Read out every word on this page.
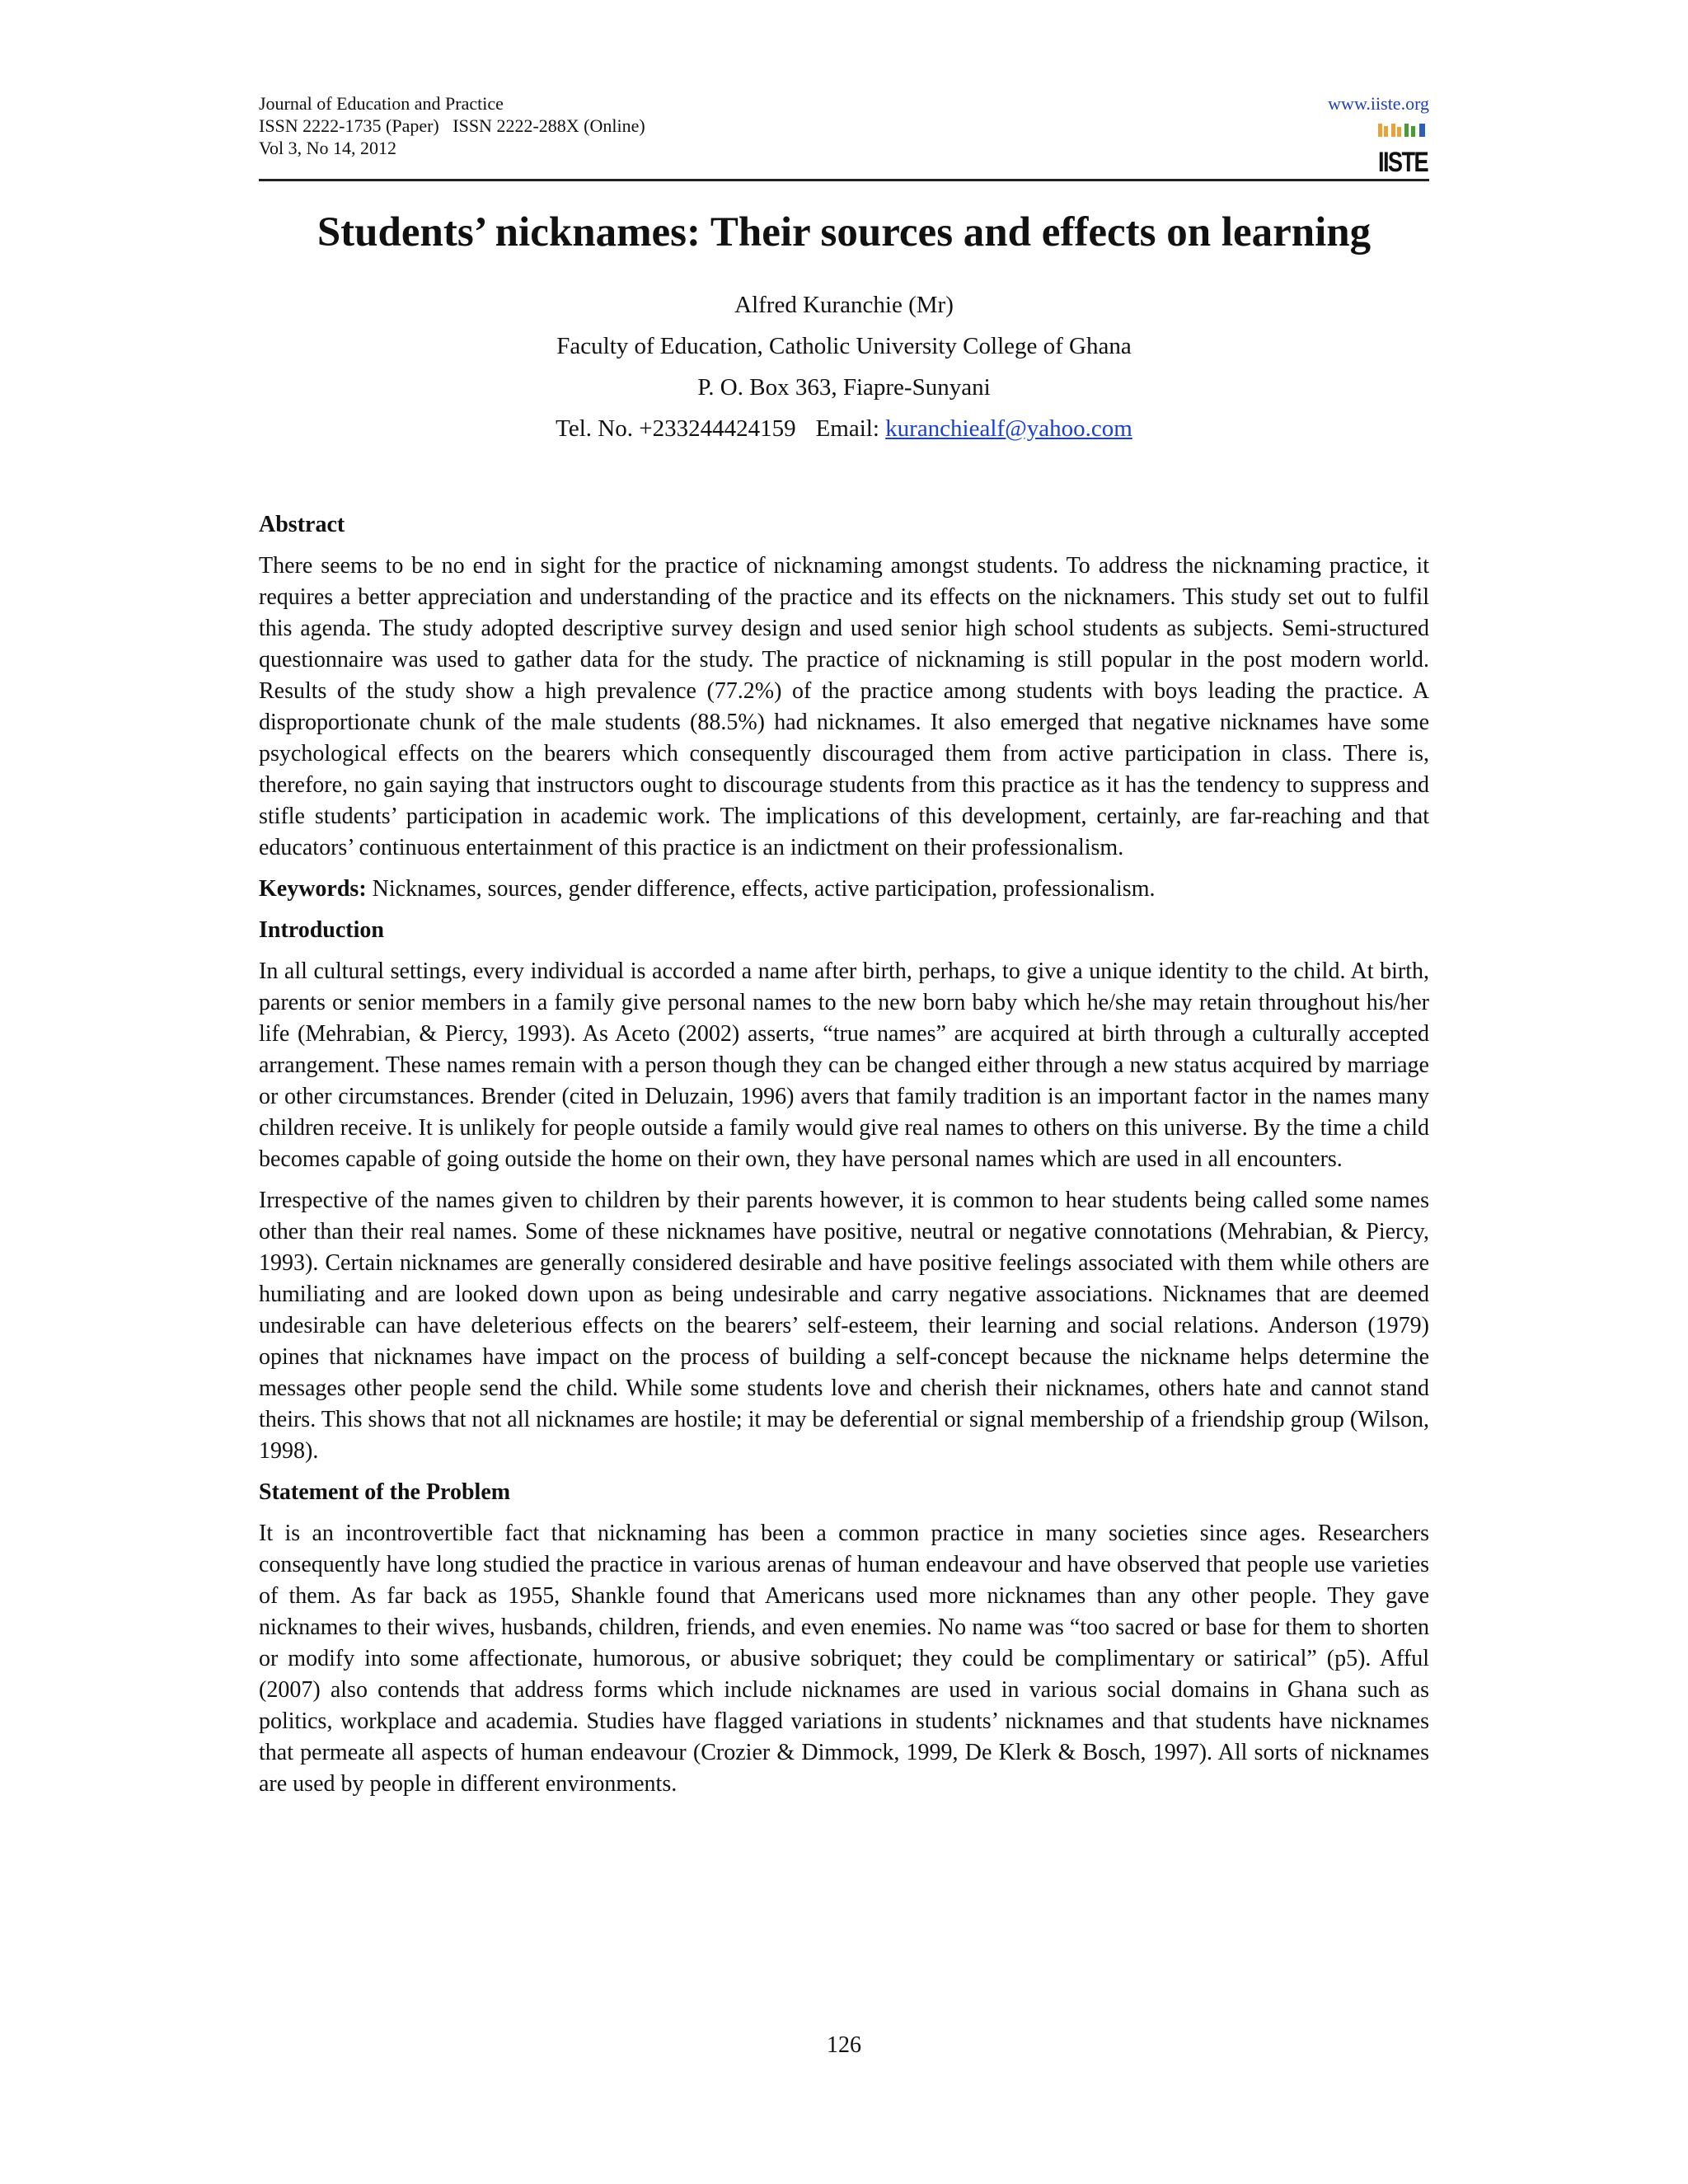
Journal of Education and Practice
ISSN 2222-1735 (Paper)   ISSN 2222-288X (Online)
Vol 3, No 14, 2012
www.iiste.org
IISTE
Students’ nicknames: Their sources and effects on learning
Alfred Kuranchie (Mr)
Faculty of Education, Catholic University College of Ghana
P. O. Box 363, Fiapre-Sunyani
Tel. No. +233244424159 Email: kuranchiealf@yahoo.com
Abstract

There seems to be no end in sight for the practice of nicknaming amongst students. To address the nicknaming practice, it requires a better appreciation and understanding of the practice and its effects on the nicknamers. This study set out to fulfil this agenda. The study adopted descriptive survey design and used senior high school students as subjects. Semi-structured questionnaire was used to gather data for the study. The practice of nicknaming is still popular in the post modern world. Results of the study show a high prevalence (77.2%) of the practice among students with boys leading the practice. A disproportionate chunk of the male students (88.5%) had nicknames. It also emerged that negative nicknames have some psychological effects on the bearers which consequently discouraged them from active participation in class. There is, therefore, no gain saying that instructors ought to discourage students from this practice as it has the tendency to suppress and stifle students’ participation in academic work. The implications of this development, certainly, are far-reaching and that educators’ continuous entertainment of this practice is an indictment on their professionalism.

Keywords: Nicknames, sources, gender difference, effects, active participation, professionalism.

Introduction

In all cultural settings, every individual is accorded a name after birth, perhaps, to give a unique identity to the child. At birth, parents or senior members in a family give personal names to the new born baby which he/she may retain throughout his/her life (Mehrabian, & Piercy, 1993). As Aceto (2002) asserts, “true names” are acquired at birth through a culturally accepted arrangement. These names remain with a person though they can be changed either through a new status acquired by marriage or other circumstances. Brender (cited in Deluzain, 1996) avers that family tradition is an important factor in the names many children receive. It is unlikely for people outside a family would give real names to others on this universe. By the time a child becomes capable of going outside the home on their own, they have personal names which are used in all encounters.

Irrespective of the names given to children by their parents however, it is common to hear students being called some names other than their real names. Some of these nicknames have positive, neutral or negative connotations (Mehrabian, & Piercy, 1993). Certain nicknames are generally considered desirable and have positive feelings associated with them while others are humiliating and are looked down upon as being undesirable and carry negative associations. Nicknames that are deemed undesirable can have deleterious effects on the bearers’ self-esteem, their learning and social relations. Anderson (1979) opines that nicknames have impact on the process of building a self-concept because the nickname helps determine the messages other people send the child. While some students love and cherish their nicknames, others hate and cannot stand theirs. This shows that not all nicknames are hostile; it may be deferential or signal membership of a friendship group (Wilson, 1998).

Statement of the Problem

It is an incontrovertible fact that nicknaming has been a common practice in many societies since ages. Researchers consequently have long studied the practice in various arenas of human endeavour and have observed that people use varieties of them. As far back as 1955, Shankle found that Americans used more nicknames than any other people. They gave nicknames to their wives, husbands, children, friends, and even enemies. No name was “too sacred or base for them to shorten or modify into some affectionate, humorous, or abusive sobriquet; they could be complimentary or satirical” (p5). Afful (2007) also contends that address forms which include nicknames are used in various social domains in Ghana such as politics, workplace and academia. Studies have flagged variations in students’ nicknames and that students have nicknames that permeate all aspects of human endeavour (Crozier & Dimmock, 1999, De Klerk & Bosch, 1997). All sorts of nicknames are used by people in different environments.

126
